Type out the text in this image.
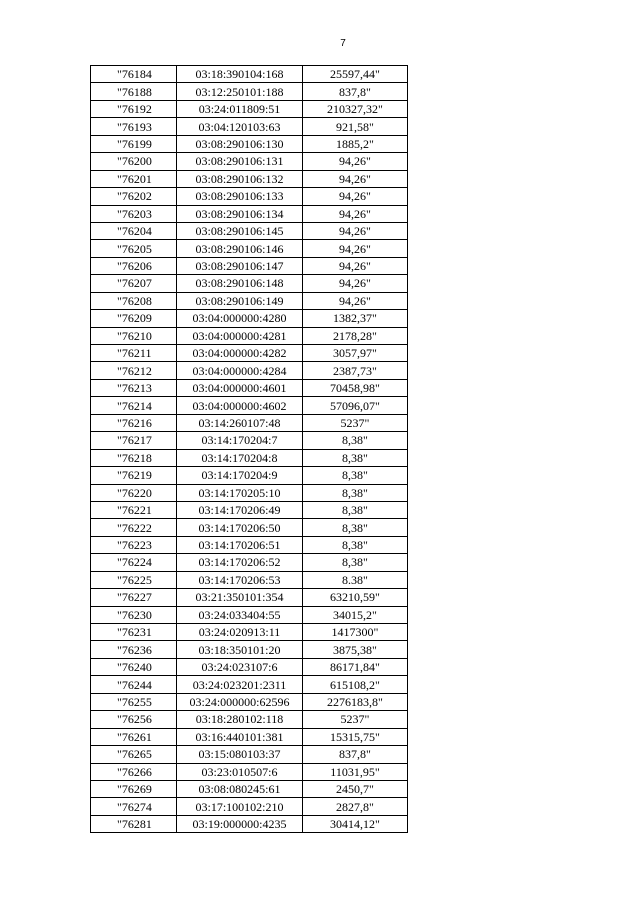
7
"76184	03:18:390104:168	25597,44"
"76188	03:12:250101:188	837,8"
"76192	03:24:011809:51	210327,32"
"76193	03:04:120103:63	921,58"
"76199	03:08:290106:130	1885,2"
"76200	03:08:290106:131	94,26"
"76201	03:08:290106:132	94,26"
"76202	03:08:290106:133	94,26"
"76203	03:08:290106:134	94,26"
"76204	03:08:290106:145	94,26"
"76205	03:08:290106:146	94,26"
"76206	03:08:290106:147	94,26"
"76207	03:08:290106:148	94,26"
"76208	03:08:290106:149	94,26"
"76209	03:04:000000:4280	1382,37"
"76210	03:04:000000:4281	2178,28"
"76211	03:04:000000:4282	3057,97"
"76212	03:04:000000:4284	2387,73"
"76213	03:04:000000:4601	70458,98"
"76214	03:04:000000:4602	57096,07"
"76216	03:14:260107:48	5237"
"76217	03:14:170204:7	8,38"
"76218	03:14:170204:8	8,38"
"76219	03:14:170204:9	8,38"
"76220	03:14:170205:10	8,38"
"76221	03:14:170206:49	8,38"
"76222	03:14:170206:50	8,38"
"76223	03:14:170206:51	8,38"
"76224	03:14:170206:52	8,38"
"76225	03:14:170206:53	8.38"
"76227	03:21:350101:354	63210,59"
"76230	03:24:033404:55	34015,2"
"76231	03:24:020913:11	1417300"
"76236	03:18:350101:20	3875,38"
"76240	03:24:023107:6	86171,84"
"76244	03:24:023201:2311	615108,2"
"76255	03:24:000000:62596	2276183,8"
"76256	03:18:280102:118	5237"
"76261	03:16:440101:381	15315,75"
"76265	03:15:080103:37	837,8"
"76266	03:23:010507:6	11031,95"
"76269	03:08:080245:61	2450,7"
"76274	03:17:100102:210	2827,8"
"76281	03:19:000000:4235	30414,12"
